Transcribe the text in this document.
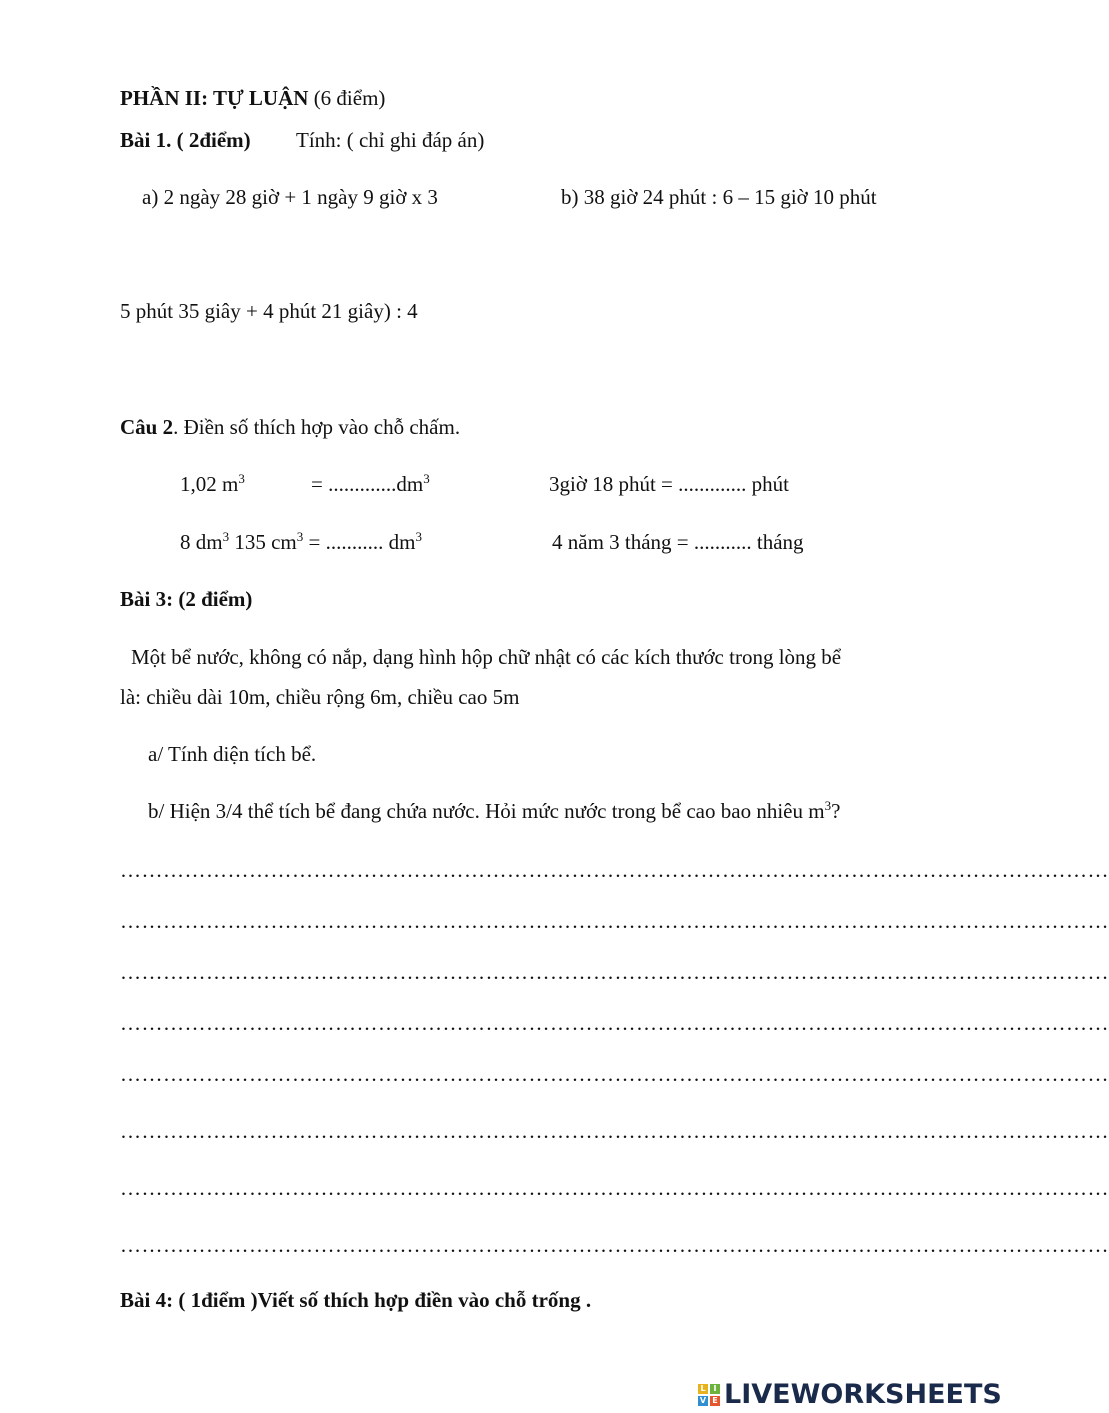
PHẦN II: TỰ LUẬN (6 điểm)
Bài 1. ( 2điểm) Tính: ( chỉ ghi đáp án)
a) 2 ngày 28 giờ + 1 ngày 9 giờ x 3	b) 38 giờ 24 phút : 6 – 15 giờ 10 phút
5 phút 35 giây + 4 phút 21 giây) : 4
Câu 2. Điền số thích hợp vào chỗ chấm.
1,02 $m^3$	= $.............dm^3$	3giờ 18 phút = ............. phút
8 $dm^3$ 135 $cm^3$ = ........... $dm^3$	4 năm 3 tháng = ........... tháng
Bài 3: (2 điểm)
Một bể nước, không có nắp, dạng hình hộp chữ nhật có các kích thước trong lòng bể
là: chiều dài 10m, chiều rộng 6m, chiều cao 5m
a/ Tính diện tích bể.
b/ Hiện 3/4 thể tích bể đang chứa nước. Hỏi mức nước trong bể cao bao nhiêu $m^3$?
…………………………………………………………………………………………………………………………
…………………………………………………………………………………………………………………………
…………………………………………………………………………………………………………………………
…………………………………………………………………………………………………………………………
…………………………………………………………………………………………………………………………
…………………………………………………………………………………………………………………………
…………………………………………………………………………………………………………………………
…………………………………………………………………………………………………………………………
Bài 4: ( 1điểm )Viết số thích hợp điền vào chỗ trống .
L I
V E LIVEWORKSHEETS
